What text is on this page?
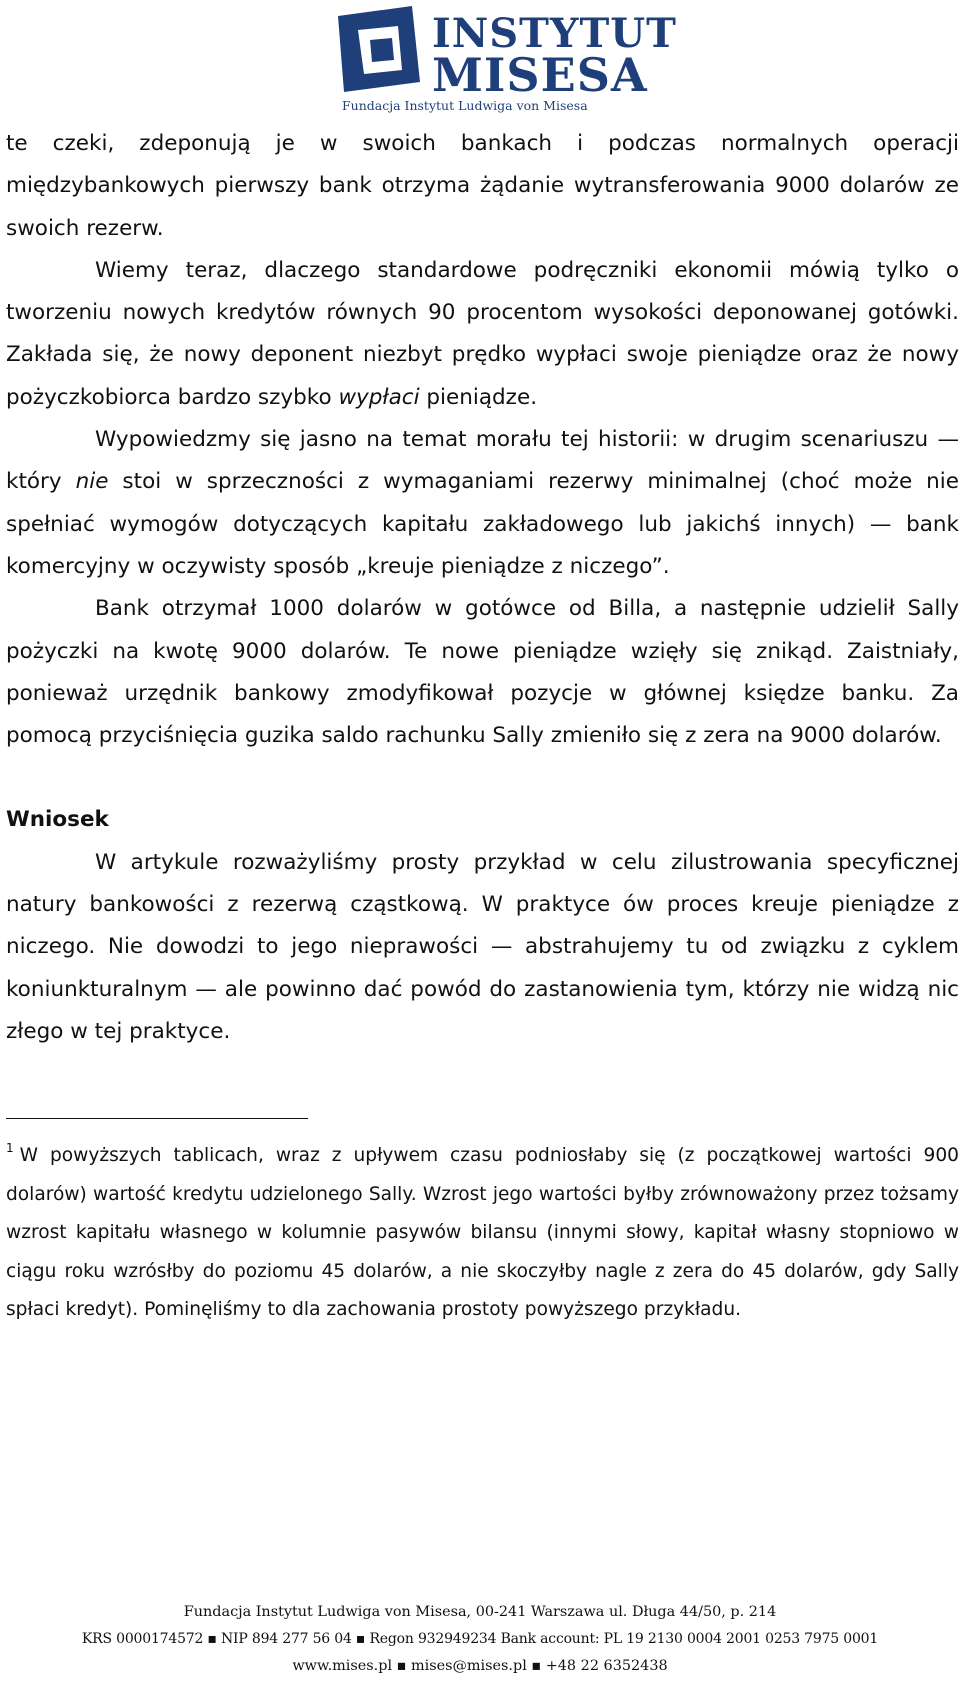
INSTYTUT
MISESA
Fundacja Instytut Ludwiga von Misesa

te czeki, zdeponują je w swoich bankach i podczas normalnych operacji międzybankowych pierwszy bank otrzyma żądanie wytransferowania 9000 dolarów ze swoich rezerw.

Wiemy teraz, dlaczego standardowe podręczniki ekonomii mówią tylko o tworzeniu nowych kredytów równych 90 procentom wysokości deponowanej gotówki. Zakłada się, że nowy deponent niezbyt prędko wypłaci swoje pieniądze oraz że nowy pożyczkobiorca bardzo szybko wypłaci pieniądze.

Wypowiedzmy się jasno na temat morału tej historii: w drugim scenariuszu — który nie stoi w sprzeczności z wymaganiami rezerwy minimalnej (choć może nie spełniać wymogów dotyczących kapitału zakładowego lub jakichś innych) — bank komercyjny w oczywisty sposób „kreuje pieniądze z niczego”.

Bank otrzymał 1000 dolarów w gotówce od Billa, a następnie udzielił Sally pożyczki na kwotę 9000 dolarów. Te nowe pieniądze wzięły się znikąd. Zaistniały, ponieważ urzędnik bankowy zmodyfikował pozycje w głównej księdze banku. Za pomocą przyciśnięcia guzika saldo rachunku Sally zmieniło się z zera na 9000 dolarów.

Wniosek

W artykule rozważyliśmy prosty przykład w celu zilustrowania specyficznej natury bankowości z rezerwą cząstkową. W praktyce ów proces kreuje pieniądze z niczego. Nie dowodzi to jego nieprawości — abstrahujemy tu od związku z cyklem koniunkturalnym — ale powinno dać powód do zastanowienia tym, którzy nie widzą nic złego w tej praktyce.

$^1$ W powyższych tablicach, wraz z upływem czasu podniosłaby się (z początkowej wartości 900 dolarów) wartość kredytu udzielonego Sally. Wzrost jego wartości byłby zrównoważony przez tożsamy wzrost kapitału własnego w kolumnie pasywów bilansu (innymi słowy, kapitał własny stopniowo w ciągu roku wzrósłby do poziomu 45 dolarów, a nie skoczyłby nagle z zera do 45 dolarów, gdy Sally spłaci kredyt). Pominęliśmy to dla zachowania prostoty powyższego przykładu.

Fundacja Instytut Ludwiga von Misesa, 00-241 Warszawa ul. Długa 44/50, p. 214
KRS 0000174572 ▪ NIP 894 277 56 04 ▪ Regon 932949234 Bank account: PL 19 2130 0004 2001 0253 7975 0001
www.mises.pl ▪ mises@mises.pl ▪ +48 22 6352438
